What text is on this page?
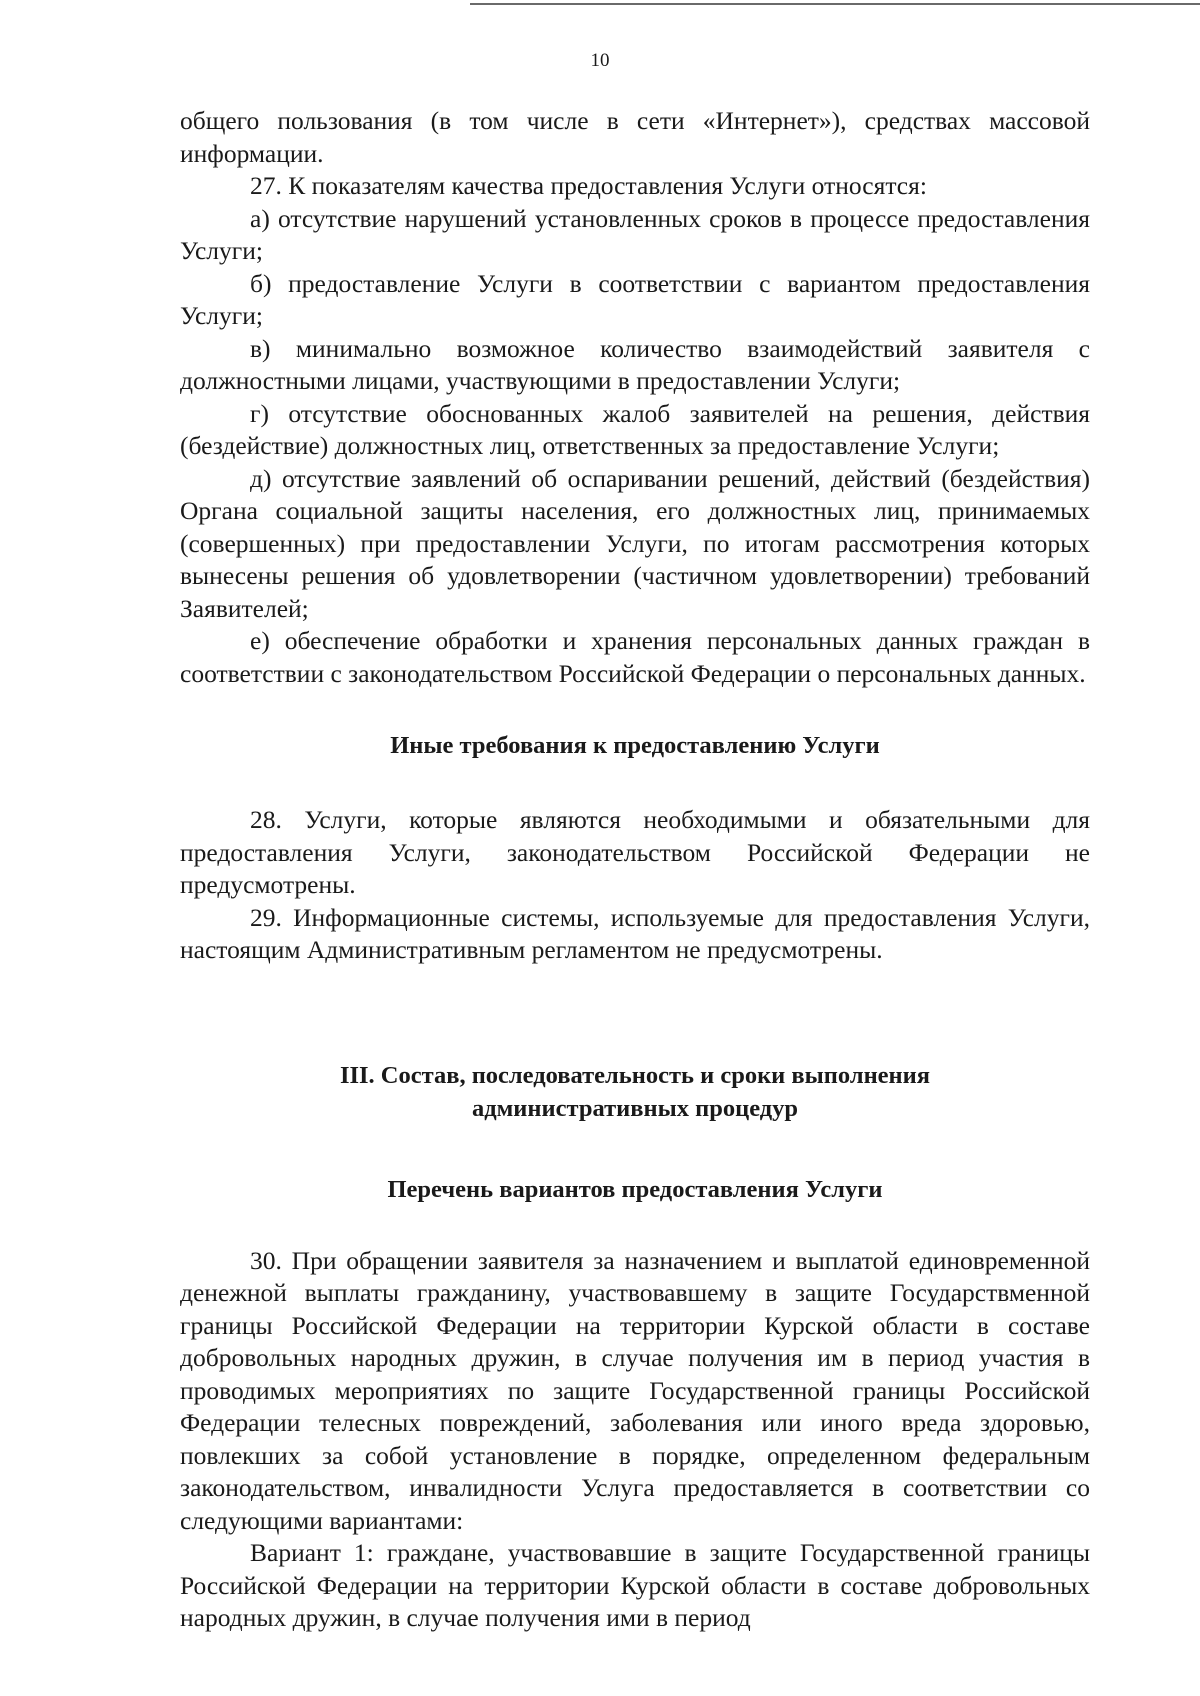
10

общего пользования (в том числе в сети «Интернет»), средствах массовой информации.

27. К показателям качества предоставления Услуги относятся:

а) отсутствие нарушений установленных сроков в процессе предоставления Услуги;

б) предоставление Услуги в соответствии с вариантом предоставления Услуги;

в) минимально возможное количество взаимодействий заявителя с должностными лицами, участвующими в предоставлении Услуги;

г) отсутствие обоснованных жалоб заявителей на решения, действия (бездействие) должностных лиц, ответственных за предоставление Услуги;

д) отсутствие заявлений об оспаривании решений, действий (бездействия) Органа социальной защиты населения, его должностных лиц, принимаемых (совершенных) при предоставлении Услуги, по итогам рассмотрения которых вынесены решения об удовлетворении (частичном удовлетворении) требований Заявителей;

е) обеспечение обработки и хранения персональных данных граждан в соответствии с законодательством Российской Федерации о персональных данных.

Иные требования к предоставлению Услуги

28. Услуги, которые являются необходимыми и обязательными для предоставления Услуги, законодательством Российской Федерации не предусмотрены.

29. Информационные системы, используемые для предоставления Услуги, настоящим Административным регламентом не предусмотрены.

III. Состав, последовательность и сроки выполнения
административных процедур
Перечень вариантов предоставления Услуги

30. При обращении заявителя за назначением и выплатой единовременной денежной выплаты гражданину, участвовавшему в защите Государствменной границы Российской Федерации на территории Курской области в составе добровольных народных дружин, в случае получения им в период участия в проводимых мероприятиях по защите Государственной границы Российской Федерации телесных повреждений, заболевания или иного вреда здоровью, повлекших за собой установление в порядке, определенном федеральным законодательством, инвалидности Услуга предоставляется в соответствии со следующими вариантами:

Вариант 1: граждане, участвовавшие в защите Государственной границы Российской Федерации на территории Курской области в составе добровольных народных дружин, в случае получения ими в период
